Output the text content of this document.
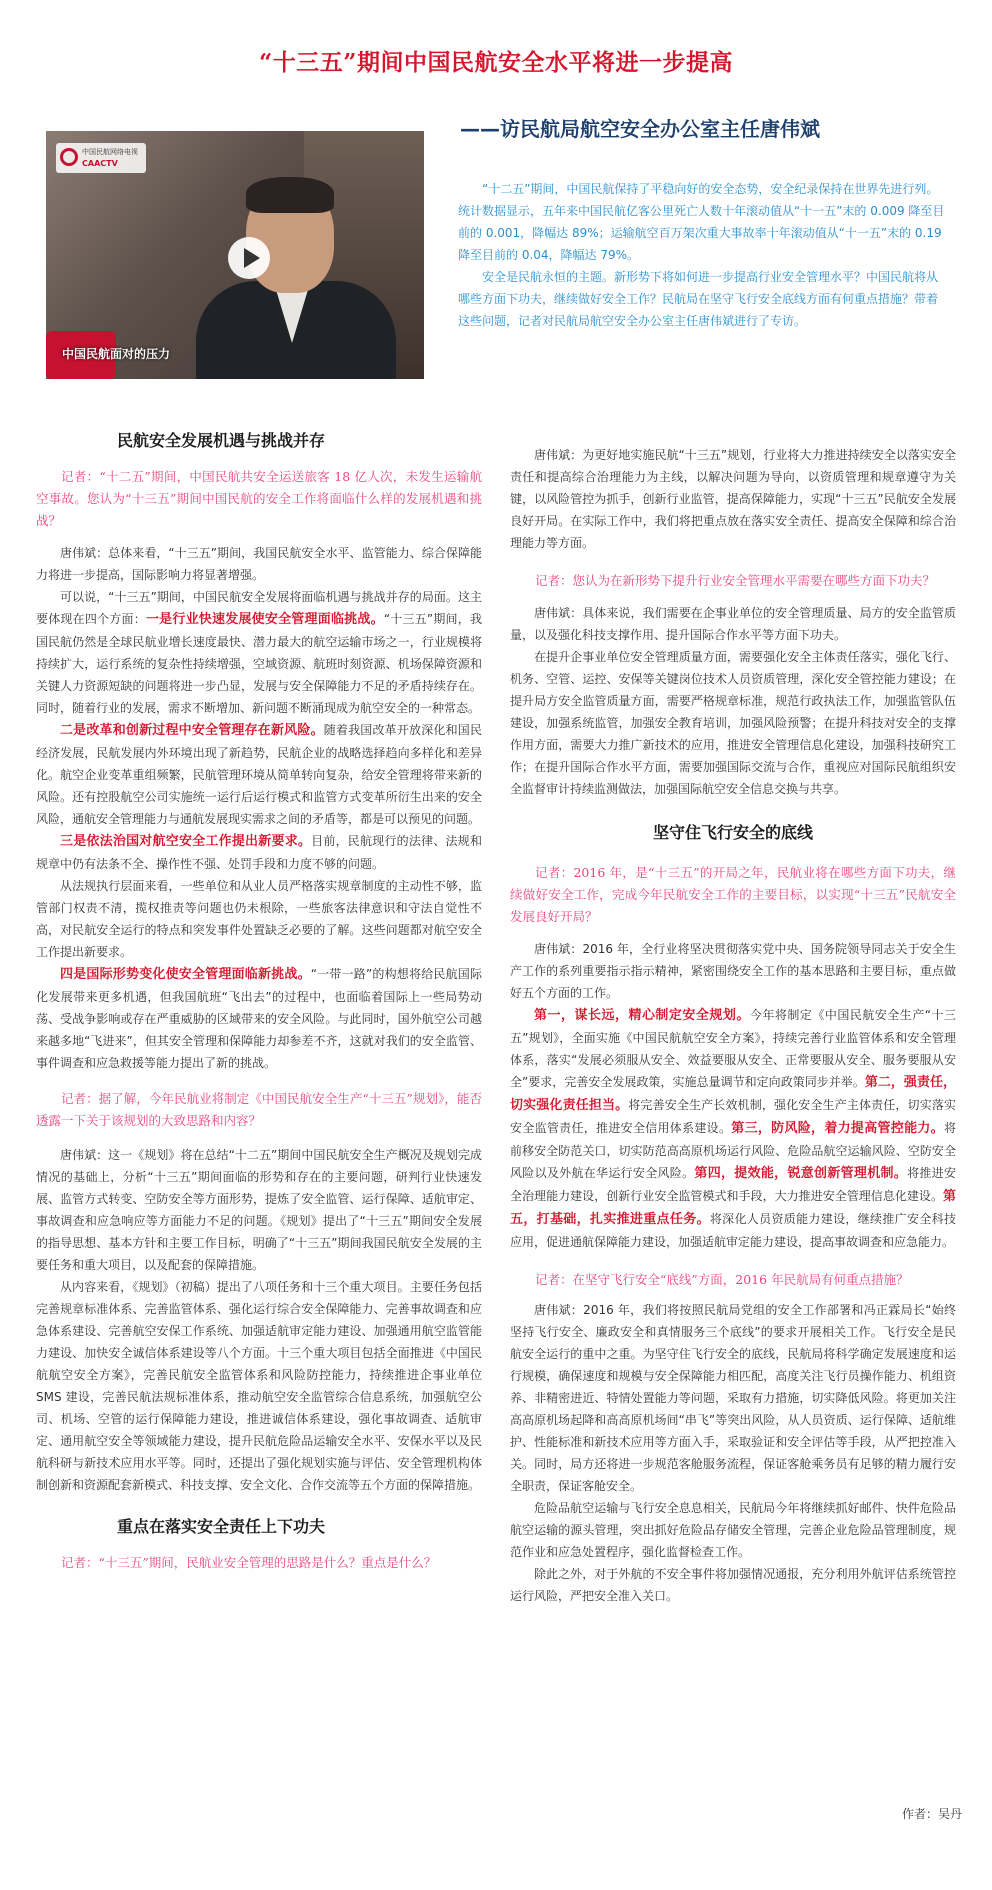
“十三五”期间中国民航安全水平将进一步提高
——访民航局航空安全办公室主任唐伟斌
中国民航网络电视
CAACTV
中国民航面对的压力

“十二五”期间，中国民航保持了平稳向好的安全态势，安全纪录保持在世界先进行列。统计数据显示，五年来中国民航亿客公里死亡人数十年滚动值从“十一五”末的 0.009 降至目前的 0.001，降幅达 89%；运输航空百万架次重大事故率十年滚动值从“十一五”末的 0.19 降至目前的 0.04，降幅达 79%。

安全是民航永恒的主题。新形势下将如何进一步提高行业安全管理水平？中国民航将从哪些方面下功夫，继续做好安全工作？民航局在坚守飞行安全底线方面有何重点措施？带着这些问题，记者对民航局航空安全办公室主任唐伟斌进行了专访。

民航安全发展机遇与挑战并存

记者：“十二五”期间，中国民航共安全运送旅客 18 亿人次，未发生运输航空事故。您认为“十三五”期间中国民航的安全工作将面临什么样的发展机遇和挑战？

唐伟斌：总体来看，“十三五”期间，我国民航安全水平、监管能力、综合保障能力将进一步提高，国际影响力将显著增强。

可以说，“十三五”期间，中国民航安全发展将面临机遇与挑战并存的局面。这主要体现在四个方面：一是行业快速发展使安全管理面临挑战。“十三五”期间，我国民航仍然是全球民航业增长速度最快、潜力最大的航空运输市场之一，行业规模将持续扩大，运行系统的复杂性持续增强，空域资源、航班时刻资源、机场保障资源和关键人力资源短缺的问题将进一步凸显，发展与安全保障能力不足的矛盾持续存在。同时，随着行业的发展，需求不断增加、新问题不断涌现成为航空安全的一种常态。

二是改革和创新过程中安全管理存在新风险。随着我国改革开放深化和国民经济发展，民航发展内外环境出现了新趋势，民航企业的战略选择趋向多样化和差异化。航空企业变革重组频繁，民航管理环境从简单转向复杂，给安全管理将带来新的风险。还有控股航空公司实施统一运行后运行模式和监管方式变革所衍生出来的安全风险，通航安全管理能力与通航发展现实需求之间的矛盾等，都是可以预见的问题。

三是依法治国对航空安全工作提出新要求。目前，民航现行的法律、法规和规章中仍有法条不全、操作性不强、处罚手段和力度不够的问题。

从法规执行层面来看，一些单位和从业人员严格落实规章制度的主动性不够，监管部门权责不清，揽权推责等问题也仍未根除，一些旅客法律意识和守法自觉性不高，对民航安全运行的特点和突发事件处置缺乏必要的了解。这些问题都对航空安全工作提出新要求。

四是国际形势变化使安全管理面临新挑战。“一带一路”的构想将给民航国际化发展带来更多机遇，但我国航班“飞出去”的过程中，也面临着国际上一些局势动荡、受战争影响或存在严重威胁的区域带来的安全风险。与此同时，国外航空公司越来越多地“飞进来”，但其安全管理和保障能力却参差不齐，这就对我们的安全监管、事件调查和应急救援等能力提出了新的挑战。

记者：据了解，今年民航业将制定《中国民航安全生产“十三五”规划》，能否透露一下关于该规划的大致思路和内容？

唐伟斌：这一《规划》将在总结“十二五”期间中国民航安全生产概况及规划完成情况的基础上，分析“十三五”期间面临的形势和存在的主要问题，研判行业快速发展、监管方式转变、空防安全等方面形势，提炼了安全监管、运行保障、适航审定、事故调查和应急响应等方面能力不足的问题。《规划》提出了“十三五”期间安全发展的指导思想、基本方针和主要工作目标，明确了“十三五”期间我国民航安全发展的主要任务和重大项目，以及配套的保障措施。

从内容来看，《规划》（初稿）提出了八项任务和十三个重大项目。主要任务包括完善规章标准体系、完善监管体系、强化运行综合安全保障能力、完善事故调查和应急体系建设、完善航空安保工作系统、加强适航审定能力建设、加强通用航空监管能力建设、加快安全诚信体系建设等八个方面。十三个重大项目包括全面推进《中国民航航空安全方案》，完善民航安全监管体系和风险防控能力，持续推进企事业单位 SMS 建设，完善民航法规标准体系，推动航空安全监管综合信息系统，加强航空公司、机场、空管的运行保障能力建设，推进诚信体系建设，强化事故调查、适航审定、通用航空安全等领域能力建设，提升民航危险品运输安全水平、安保水平以及民航科研与新技术应用水平等。同时，还提出了强化规划实施与评估、安全管理机构体制创新和资源配套新模式、科技支撑、安全文化、合作交流等五个方面的保障措施。

重点在落实安全责任上下功夫

记者：“十三五”期间，民航业安全管理的思路是什么？重点是什么？

唐伟斌：为更好地实施民航“十三五”规划，行业将大力推进持续安全以落实安全责任和提高综合治理能力为主线，以解决问题为导向，以资质管理和规章遵守为关键，以风险管控为抓手，创新行业监管，提高保障能力，实现“十三五”民航安全发展良好开局。在实际工作中，我们将把重点放在落实安全责任、提高安全保障和综合治理能力等方面。

记者：您认为在新形势下提升行业安全管理水平需要在哪些方面下功夫？

唐伟斌：具体来说，我们需要在企事业单位的安全管理质量、局方的安全监管质量，以及强化科技支撑作用、提升国际合作水平等方面下功夫。

在提升企事业单位安全管理质量方面，需要强化安全主体责任落实，强化飞行、机务、空管、运控、安保等关键岗位技术人员资质管理，深化安全管控能力建设；在提升局方安全监管质量方面，需要严格规章标准，规范行政执法工作，加强监管队伍建设，加强系统监管，加强安全教育培训，加强风险预警；在提升科技对安全的支撑作用方面，需要大力推广新技术的应用，推进安全管理信息化建设，加强科技研究工作；在提升国际合作水平方面，需要加强国际交流与合作，重视应对国际民航组织安全监督审计持续监测做法，加强国际航空安全信息交换与共享。

坚守住飞行安全的底线

记者：2016 年，是“十三五”的开局之年，民航业将在哪些方面下功夫，继续做好安全工作，完成今年民航安全工作的主要目标，以实现“十三五”民航安全发展良好开局？

唐伟斌：2016 年，全行业将坚决贯彻落实党中央、国务院领导同志关于安全生产工作的系列重要指示指示精神，紧密围绕安全工作的基本思路和主要目标，重点做好五个方面的工作。

第一，谋长远，精心制定安全规划。今年将制定《中国民航安全生产“十三五”规划》，全面实施《中国民航航空安全方案》，持续完善行业监管体系和安全管理体系，落实“发展必须服从安全、效益要服从安全、正常要服从安全、服务要服从安全”要求，完善安全发展政策，实施总量调节和定向政策同步并举。第二，强责任，切实强化责任担当。将完善安全生产长效机制，强化安全生产主体责任，切实落实安全监管责任，推进安全信用体系建设。第三，防风险，着力提高管控能力。将前移安全防范关口，切实防范高高原机场运行风险、危险品航空运输风险、空防安全风险以及外航在华运行安全风险。第四，提效能，锐意创新管理机制。将推进安全治理能力建设，创新行业安全监管模式和手段，大力推进安全管理信息化建设。第五，打基础，扎实推进重点任务。将深化人员资质能力建设，继续推广安全科技应用，促进通航保障能力建设，加强适航审定能力建设，提高事故调查和应急能力。

记者：在坚守飞行安全“底线”方面，2016 年民航局有何重点措施？

唐伟斌：2016 年，我们将按照民航局党组的安全工作部署和冯正霖局长“始终坚持飞行安全、廉政安全和真情服务三个底线”的要求开展相关工作。飞行安全是民航安全运行的重中之重。为坚守住飞行安全的底线，民航局将科学确定发展速度和运行规模，确保速度和规模与安全保障能力相匹配，高度关注飞行员操作能力、机组资养、非精密进近、特情处置能力等问题，采取有力措施，切实降低风险。将更加关注高高原机场起降和高高原机场间“串飞”等突出风险，从人员资质、运行保障、适航维护、性能标准和新技术应用等方面入手，采取验证和安全评估等手段，从严把控准入关。同时，局方还将进一步规范客舱服务流程，保证客舱乘务员有足够的精力履行安全职责，保证客舱安全。

危险品航空运输与飞行安全息息相关，民航局今年将继续抓好邮件、快件危险品航空运输的源头管理，突出抓好危险品存储安全管理，完善企业危险品管理制度，规范作业和应急处置程序，强化监督检查工作。

除此之外，对于外航的不安全事件将加强情况通报，充分利用外航评估系统管控运行风险，严把安全准入关口。

作者：吴丹
